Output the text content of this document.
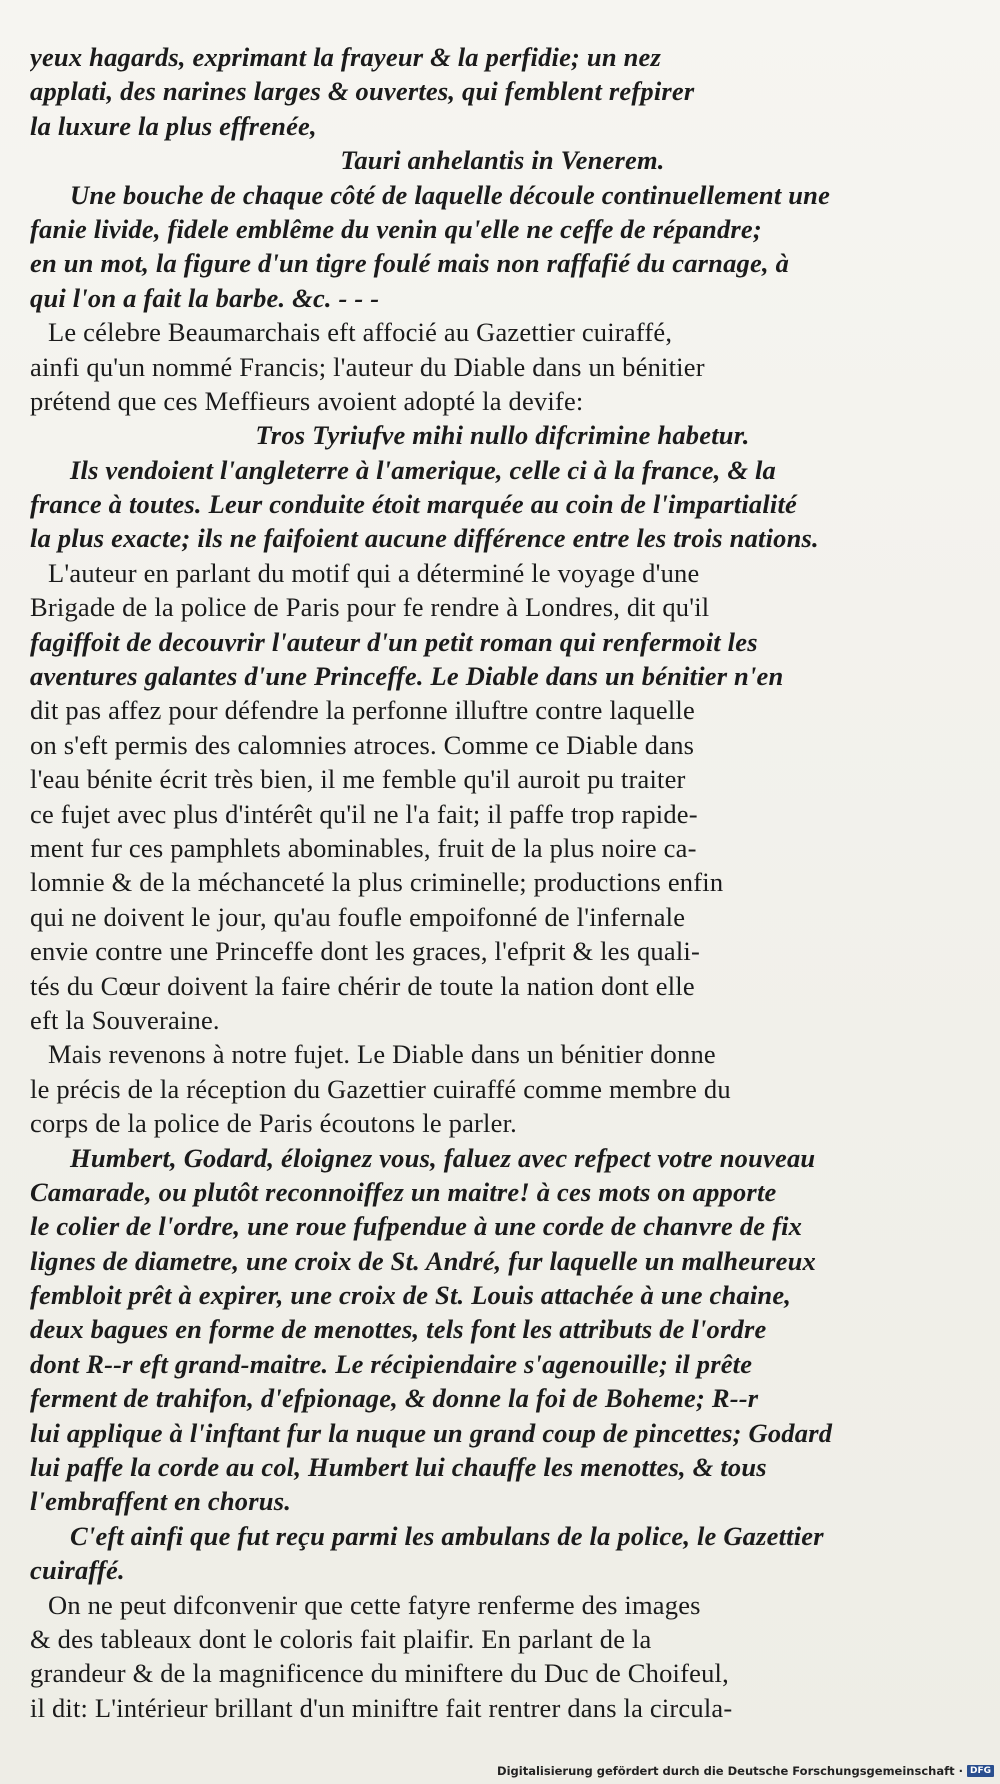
yeux hagards, exprimant la frayeur & la perfidie; un nez
applati, des narines larges & ouvertes, qui femblent refpirer
la luxure la plus effrenée,
Tauri anhelantis in Venerem.
Une bouche de chaque côté de laquelle découle continuellement une
fanie livide, fidele emblême du venin qu'elle ne ceffe de répandre;
en un mot, la figure d'un tigre foulé mais non raffafié du carnage, à
qui l'on a fait la barbe. &c. - - -
Le célebre Beaumarchais eft affocié au Gazettier cuiraffé,
ainfi qu'un nommé Francis; l'auteur du Diable dans un bénitier
prétend que ces Meffieurs avoient adopté la devife:
Tros Tyriufve mihi nullo difcrimine habetur.
Ils vendoient l'angleterre à l'amerique, celle ci à la france, & la
france à toutes. Leur conduite étoit marquée au coin de l'impartialité
la plus exacte; ils ne faifoient aucune différence entre les trois nations.
L'auteur en parlant du motif qui a déterminé le voyage d'une
Brigade de la police de Paris pour fe rendre à Londres, dit qu'il
fagiffoit de decouvrir l'auteur d'un petit roman qui renfermoit les
aventures galantes d'une Princeffe. Le Diable dans un bénitier n'en
dit pas affez pour défendre la perfonne illuftre contre laquelle
on s'eft permis des calomnies atroces. Comme ce Diable dans
l'eau bénite écrit très bien, il me femble qu'il auroit pu traiter
ce fujet avec plus d'intérêt qu'il ne l'a fait; il paffe trop rapide-
ment fur ces pamphlets abominables, fruit de la plus noire ca-
lomnie & de la méchanceté la plus criminelle; productions enfin
qui ne doivent le jour, qu'au foufle empoifonné de l'infernale
envie contre une Princeffe dont les graces, l'efprit & les quali-
tés du Cœur doivent la faire chérir de toute la nation dont elle
eft la Souveraine.
Mais revenons à notre fujet. Le Diable dans un bénitier donne
le précis de la réception du Gazettier cuiraffé comme membre du
corps de la police de Paris écoutons le parler.
Humbert, Godard, éloignez vous, faluez avec refpect votre nouveau
Camarade, ou plutôt reconnoiffez un maitre! à ces mots on apporte
le colier de l'ordre, une roue fufpendue à une corde de chanvre de fix
lignes de diametre, une croix de St. André, fur laquelle un malheureux
fembloit prêt à expirer, une croix de St. Louis attachée à une chaine,
deux bagues en forme de menottes, tels font les attributs de l'ordre
dont R--r eft grand-maitre. Le récipiendaire s'agenouille; il prête
ferment de trahifon, d'efpionage, & donne la foi de Boheme; R--r
lui applique à l'inftant fur la nuque un grand coup de pincettes; Godard
lui paffe la corde au col, Humbert lui chauffe les menottes, & tous
l'embraffent en chorus.
C'eft ainfi que fut reçu parmi les ambulans de la police, le Gazettier
cuiraffé.
On ne peut difconvenir que cette fatyre renferme des images
& des tableaux dont le coloris fait plaifir. En parlant de la
grandeur & de la magnificence du miniftere du Duc de Choifeul,
il dit: L'intérieur brillant d'un miniftre fait rentrer dans la circula-
Digitalisierung gefördert durch die Deutsche Forschungsgemeinschaft · DFG
